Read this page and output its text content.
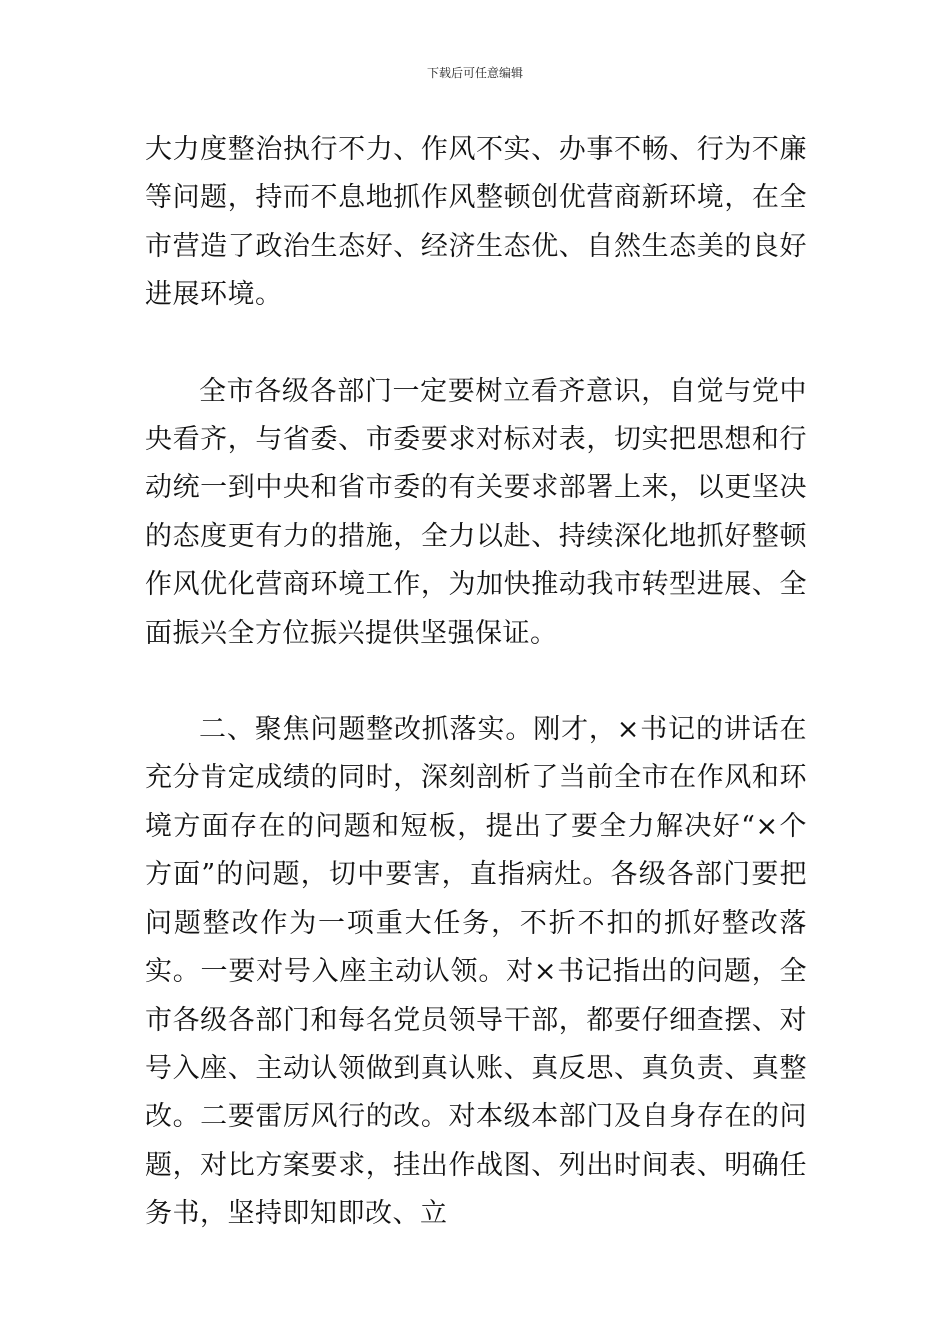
下载后可任意编辑

大力度整治执行不力、作风不实、办事不畅、行为不廉等问题，持而不息地抓作风整顿创优营商新环境，在全市营造了政治生态好、经济生态优、自然生态美的良好进展环境。

全市各级各部门一定要树立看齐意识，自觉与党中央看齐，与省委、市委要求对标对表，切实把思想和行动统一到中央和省市委的有关要求部署上来，以更坚决的态度更有力的措施，全力以赴、持续深化地抓好整顿作风优化营商环境工作，为加快推动我市转型进展、全面振兴全方位振兴提供坚强保证。

二、聚焦问题整改抓落实。刚才，×书记的讲话在充分肯定成绩的同时，深刻剖析了当前全市在作风和环境方面存在的问题和短板，提出了要全力解决好“×个方面”的问题，切中要害，直指病灶。各级各部门要把问题整改作为一项重大任务，不折不扣的抓好整改落实。一要对号入座主动认领。对×书记指出的问题，全市各级各部门和每名党员领导干部，都要仔细查摆、对号入座、主动认领做到真认账、真反思、真负责、真整改。二要雷厉风行的改。对本级本部门及自身存在的问题，对比方案要求，挂出作战图、列出时间表、明确任务书，坚持即知即改、立
